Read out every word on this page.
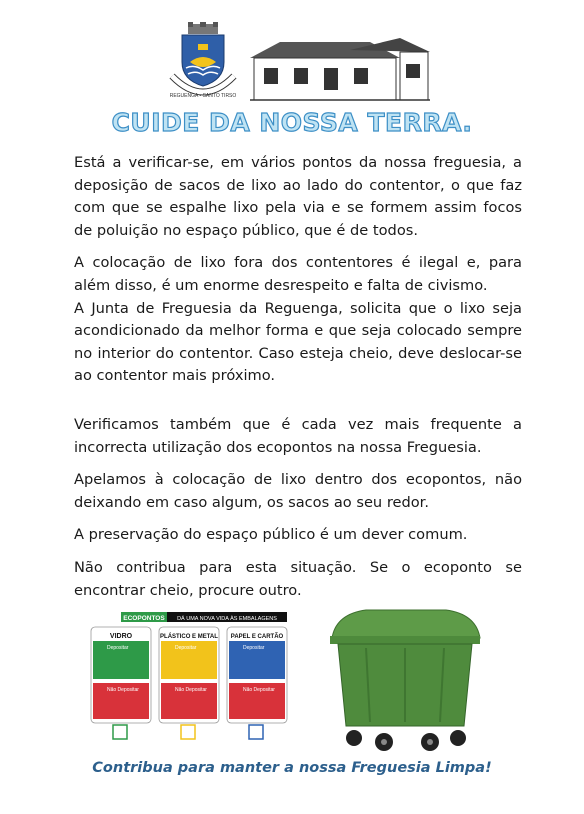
REGUENGA • SANTO TIRSO
CUIDE DA NOSSA TERRA.

Está a verificar-se, em vários pontos da nossa freguesia, a deposição de sacos de lixo ao lado do contentor, o que faz com que se espalhe lixo pela via e se formem assim focos de poluição no espaço público, que é de todos.

A colocação de lixo fora dos contentores é ilegal e, para além disso, é um enorme desrespeito e falta de civismo.

A Junta de Freguesia da Reguenga, solicita que o lixo seja acondicionado da melhor forma e que seja colocado sempre no interior do contentor. Caso esteja cheio, deve deslocar-se ao contentor mais próximo.

Verificamos também que é cada vez mais frequente a incorrecta utilização dos ecopontos na nossa Freguesia.

Apelamos à colocação de lixo dentro dos ecopontos, não deixando em caso algum, os sacos ao seu redor.

A preservação do espaço público é um dever comum.

Não contribua para esta situação. Se o ecoponto se encontrar cheio, procure outro.

ECOPONTOS DÁ UMA NOVA VIDA ÀS EMBALAGENS
VIDRO
Depositar
Não Depositar
PLÁSTICO E METAL
Depositar
Não Depositar
PAPEL E CARTÃO
Depositar
Não Depositar
Contribua para manter a nossa Freguesia Limpa!
